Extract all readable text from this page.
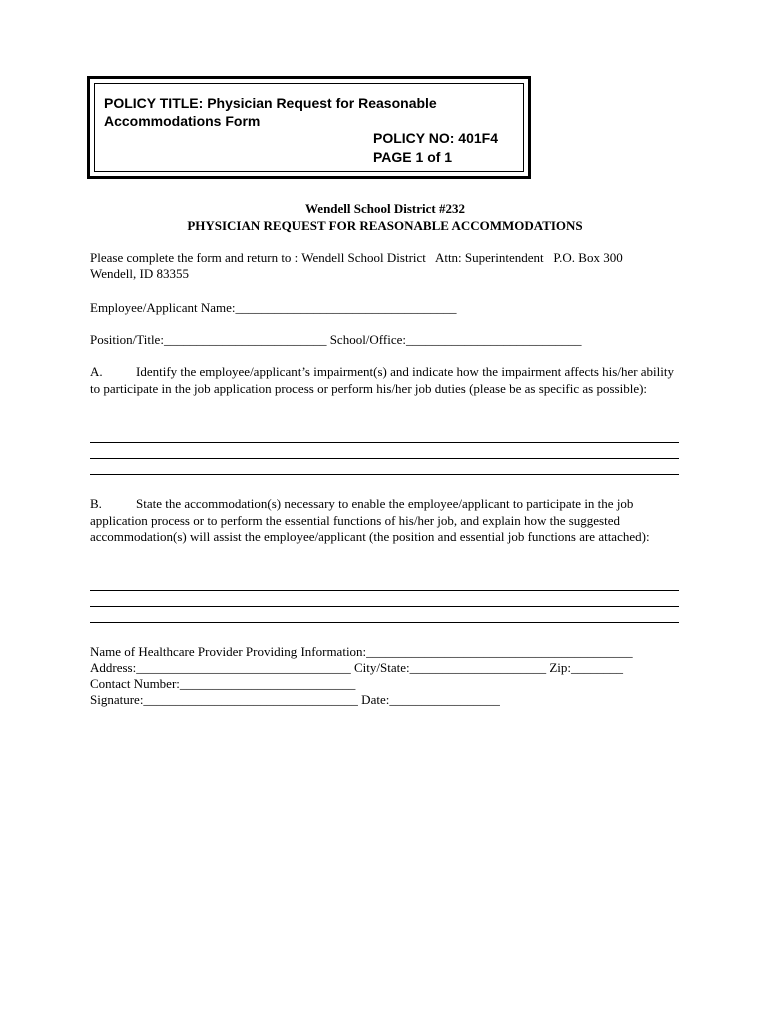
POLICY TITLE: Physician Request for Reasonable Accommodations Form
POLICY NO: 401F4
PAGE 1 of 1
Wendell School District #232
PHYSICIAN REQUEST FOR REASONABLE ACCOMMODATIONS
Please complete the form and return to : Wendell School District   Attn: Superintendent   P.O. Box 300
Wendell, ID 83355
Employee/Applicant Name:__________________________________
Position/Title:_________________________ School/Office:___________________________
A.	Identify the employee/applicant’s impairment(s) and indicate how the impairment affects his/her ability to participate in the job application process or perform his/her job duties (please be as specific as possible):
B.	State the accommodation(s) necessary to enable the employee/applicant to participate in the job application process or to perform the essential functions of his/her job, and explain how the suggested accommodation(s) will assist the employee/applicant (the position and essential job functions are attached):
Name of Healthcare Provider Providing Information:_________________________________________
Address:_________________________________ City/State:_____________________ Zip:________
Contact Number:___________________________
Signature:_________________________________ Date:_________________
